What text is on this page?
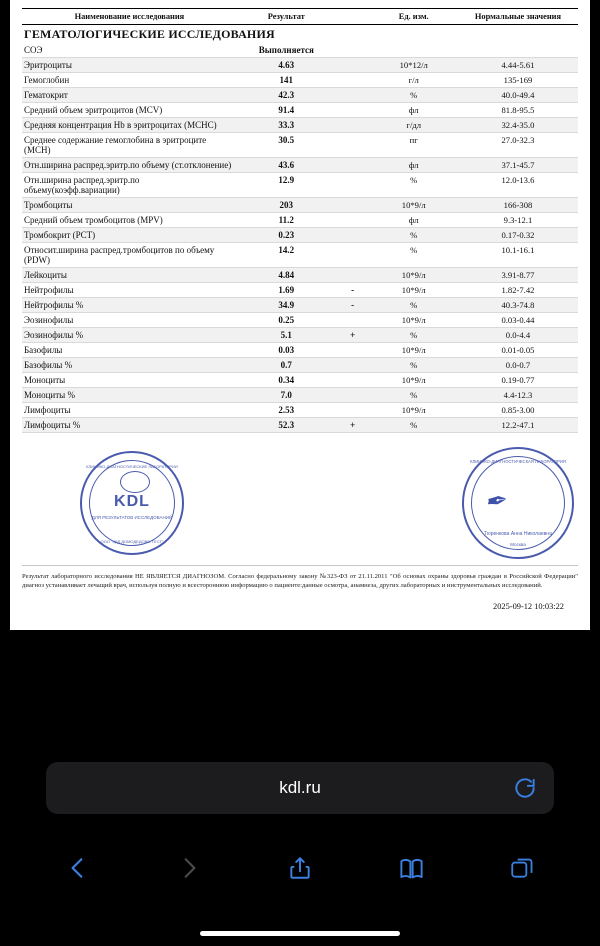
Наименование исследования	Результат		Ед. изм.	Нормальные значения
ГЕМАТОЛОГИЧЕСКИЕ ИССЛЕДОВАНИЯ				
СОЭ	Выполняется			
Эритроциты	4.63		10*12/л	4.44-5.61
Гемоглобин	141		г/л	135-169
Гематокрит	42.3		%	40.0-49.4
Средний объем эритроцитов (MCV)	91.4		фл	81.8-95.5
Средняя концентрация Hb в эритроцитах (MCHC)	33.3		г/дл	32.4-35.0
Среднее содержание гемоглобина в эритроците (MCH)	30.5		пг	27.0-32.3
Отн.ширина распред.эритр.по объему (ст.отклонение)	43.6		фл	37.1-45.7
Отн.ширина распред.эритр.по объему(коэфф.вариации)	12.9		%	12.0-13.6
Тромбоциты	203		10*9/л	166-308
Средний объем тромбоцитов (MPV)	11.2		фл	9.3-12.1
Тромбокрит (PCT)	0.23		%	0.17-0.32
Относит.ширина распред.тромбоцитов по объему (PDW)	14.2		%	10.1-16.1
Лейкоциты	4.84		10*9/л	3.91-8.77
Нейтрофилы	1.69	-	10*9/л	1.82-7.42
Нейтрофилы %	34.9	-	%	40.3-74.8
Эозинофилы	0.25		10*9/л	0.03-0.44
Эозинофилы %	5.1	+	%	0.0-4.4
Базофилы	0.03		10*9/л	0.01-0.05
Базофилы %	0.7		%	0.0-0.7
Моноциты	0.34		10*9/л	0.19-0.77
Моноциты %	7.0		%	4.4-12.3
Лимфоциты	2.53		10*9/л	0.85-3.00
Лимфоциты %	52.3	+	%	12.2-47.1
КЛИНИКО-ДИАГНОСТИЧЕСКИЕ ЛАБОРАТОРИИ
KDL
ДЛЯ РЕЗУЛЬТАТОВ ИССЛЕДОВАНИЙ
ООО "КДЛ ДОМОДЕДОВО-ТЕСТ"
КЛИНИКО-ДИАГНОСТИЧЕСКАЯ ЛАБОРАТОРИЯ
Тюренкова Анна Николаевна
Москва
✒
Результат лабораторного исследования НЕ ЯВЛЯЕТСЯ ДИАГНОЗОМ. Согласно федеральному закону №323-ФЗ от 21.11.2011 "Об основах охраны здоровья граждан в Российской Федерации" диагноз устанавливает лечащий врач, используя полную и всестороннюю информацию о пациенте:данные осмотра, анамнеза, других лабораторных и инструментальных исследований.
2025-09-12 10:03:22
kdl.ru
